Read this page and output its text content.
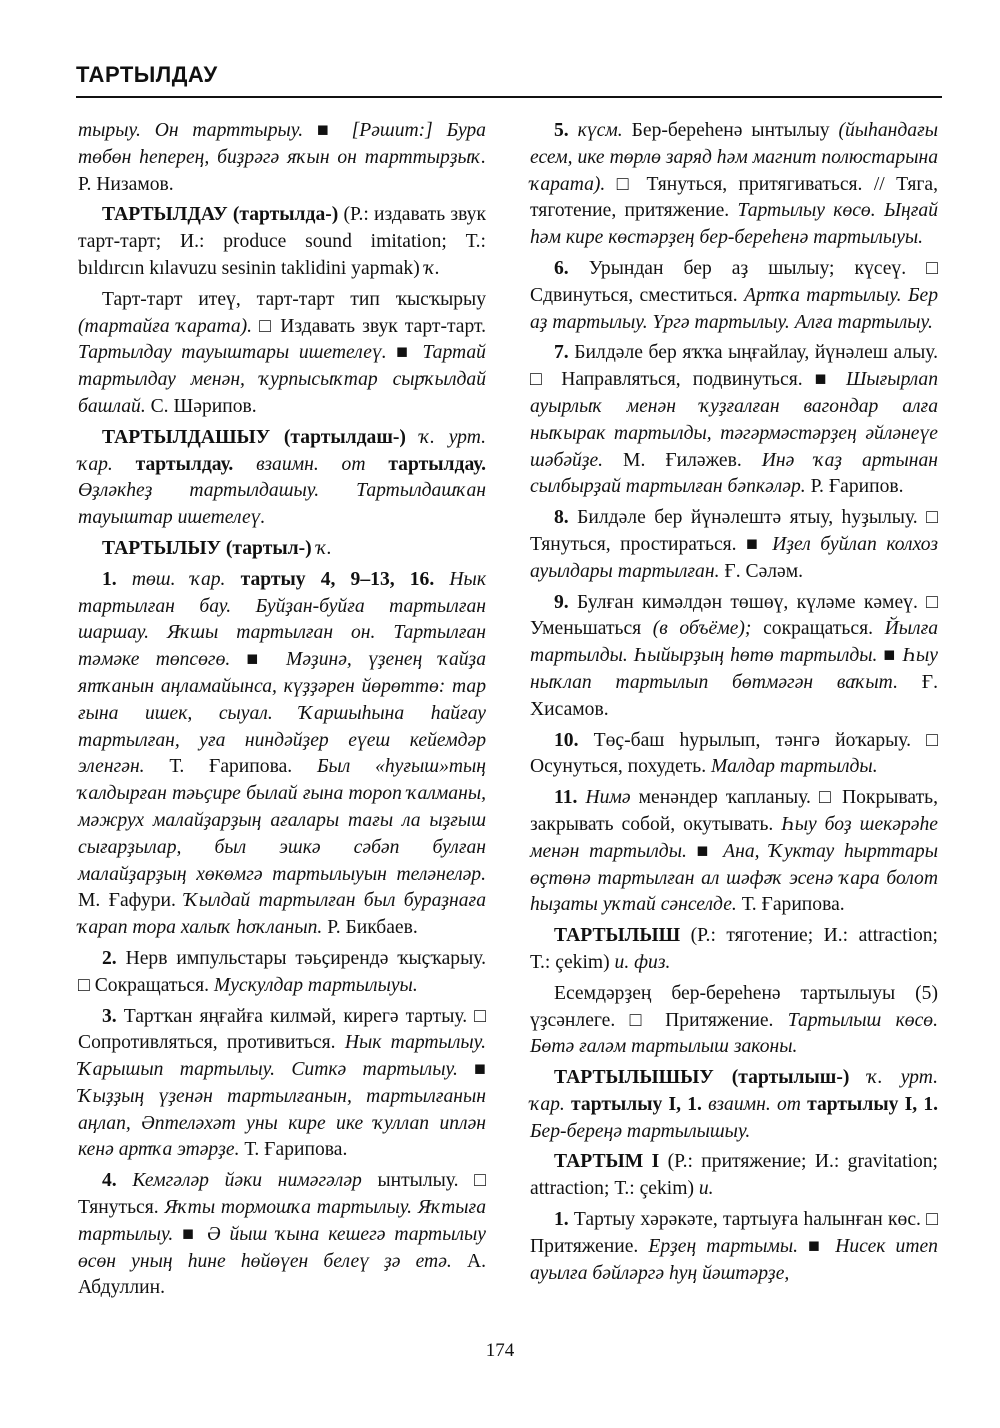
ТАРТЫЛДАУ

тырыу. Он тарттырыу. ■ [Рәшит:] Бура төбөн һеперең, биҙрәгә яҡын он тарттырҙыҡ. Р. Низамов.

ТАРТЫЛДАУ (тартылда-) (Р.: издавать звук тарт-тарт; И.: produce sound imitation; Т.: bıldırcın kılavuzu sesinin taklidini yapmak) ҡ.

Тарт-тарт итеү, тарт-тарт тип ҡысҡырыу (тартайға ҡарата). □ Издавать звук тарт-тарт. Тартылдау тауыштары ишетелеү. ■ Тартай тартылдау менән, ҡурпысыҡтар сырҡылдай башлай. С. Шәрипов.

ТАРТЫЛДАШЫУ (тартылдаш-) ҡ. урт. ҡар. тартылдау. взаимн. от тартылдау. Өҙләкһеҙ тартылдашыу. Тартылдашҡан тауыштар ишетелеү.

ТАРТЫЛЫУ (тартыл-) ҡ.

1. төш. ҡар. тартыу 4, 9–13, 16. Нык тартылған бау. Буйҙан-буйға тартылған шаршау. Яҡшы тартылған он. Тартылған тәмәке төпсөгө. ■ Мәҙинә, үҙенең ҡайҙа ятҡанын аңламайынса, күҙҙәрен йөрөттө: тар ғына ишек, сыуал. Ҡаршыһына һайғау тартылған, уға ниндәйҙер еүеш кейемдәр эленгән. Т. Ғарипова. Был «һуғыш»тың ҡалдырған тәьҫире былай ғына тороп ҡалманы, мәжрух малайҙарҙың ағалары тағы ла ыҙғыш сығарҙылар, был эшкә сәбәп булған малайҙарҙың хөкөмгә тартылыуын теләнеләр. М. Ғафури. Ҡылдай тартылған был бураҙнаға ҡарап тора халыҡ һоҡланып. Р. Бикбаев.

2. Нерв импульстары тәьҫирендә ҡыҫҡарыу. □ Сокращаться. Мускулдар тартылыуы.

3. Тартҡан яңғайға килмәй, кирегә тартыу. □ Сопротивляться, противиться. Нык тартылыу. Ҡарышып тартылыу. Ситкә тартылыу. ■ Ҡыҙҙың үҙенән тартылғанын, тартылғанын аңлап, Әптеләхәт уны кире ике ҡуллап иплән кенә артҡа этәрҙе. Т. Ғарипова.

4. Кемгәләр йәки нимәгәләр ынтылыу. □ Тянуться. Яҡты тормошҡа тартылыу. Яҡтыға тартылыу. ■ Ә йыш ҡына кешегә тартылыу өсөн уның һине һөйөүен белеү ҙә етә. А. Абдуллин.

5. күсм. Бер-береһенә ынтылыу (йыһандағы есем, ике төрлө заряд һәм магнит полюстарына ҡарата). □ Тянуться, притягиваться. // Тяга, тяготение, притяжение. Тартылыу көсө. Ыңғай һәм кире көстәрҙең бер-береһенә тартылыуы.

6. Урындан бер аҙ шылыу; күсеү. □ Сдвинуться, сместиться. Артҡа тартылыу. Бер аҙ тартылыу. Үргә тартылыу. Алға тартылыу.

7. Билдәле бер яҡҡа ыңғайлау, йүнәлеш алыу. □ Направляться, подвинуться. ■ Шығырлап ауырлыҡ менән ҡуҙғалған вагондар алға ныҡырак тартылды, тәгәрмәстәрҙең әйләнеүе шәбәйҙе. М. Ғиләжев. Инә ҡаҙ артынан сылбырҙай тартылған бәпкәләр. Р. Ғарипов.

8. Билдәле бер йүнәлештә ятыу, һуҙылыу. □ Тянуться, простираться. ■ Иҙел буйлап колхоз ауылдары тартылған. Ғ. Сәләм.

9. Булған кимәлдән төшөү, күләме кәмеү. □ Уменьшаться (в объёме); сокращаться. Йылға тартылды. Һыйырҙың һөтө тартылды. ■ Һыу ныҡлап тартылып бөтмәгән ваҡыт. Ғ. Хисамов.

10. Төҫ-баш һурылып, тәнгә йоҡарыу. □ Осунуться, похудеть. Малдар тартылды.

11. Нимә менәндер ҡапланыу. □ Покрывать, закрывать собой, окутывать. Һыу боҙ шекәрәһе менән тартылды. ■ Ана, Ҡуктау һырттары өҫтөнә тартылған ал шәфәҡ эсенә ҡара болот һыҙаты уҡтай сәнселде. Т. Ғарипова.

ТАРТЫЛЫШ (Р.: тяготение; И.: attraction; Т.: çekim) и. физ.

Есемдәрҙең бер-береһенә тартылыуы (5) үҙсәнлеге. □ Притяжение. Тартылыш көсө. Бөтә ғаләм тартылыш законы.

ТАРТЫЛЫШЫУ (тартылыш-) ҡ. урт. ҡар. тартылыу I, 1. взаимн. от тартылыу I, 1. Бер-береңә тартылышыу.

ТАРТЫМ I (Р.: притяжение; И.: gravitation; attraction; Т.: çekim) и.

1. Тартыу хәрәкәте, тартыуға һалынған көс. □ Притяжение. Ерҙең тартымы. ■ Нисек итеп ауылға бәйләргә һуң йәштәрҙе,

174
